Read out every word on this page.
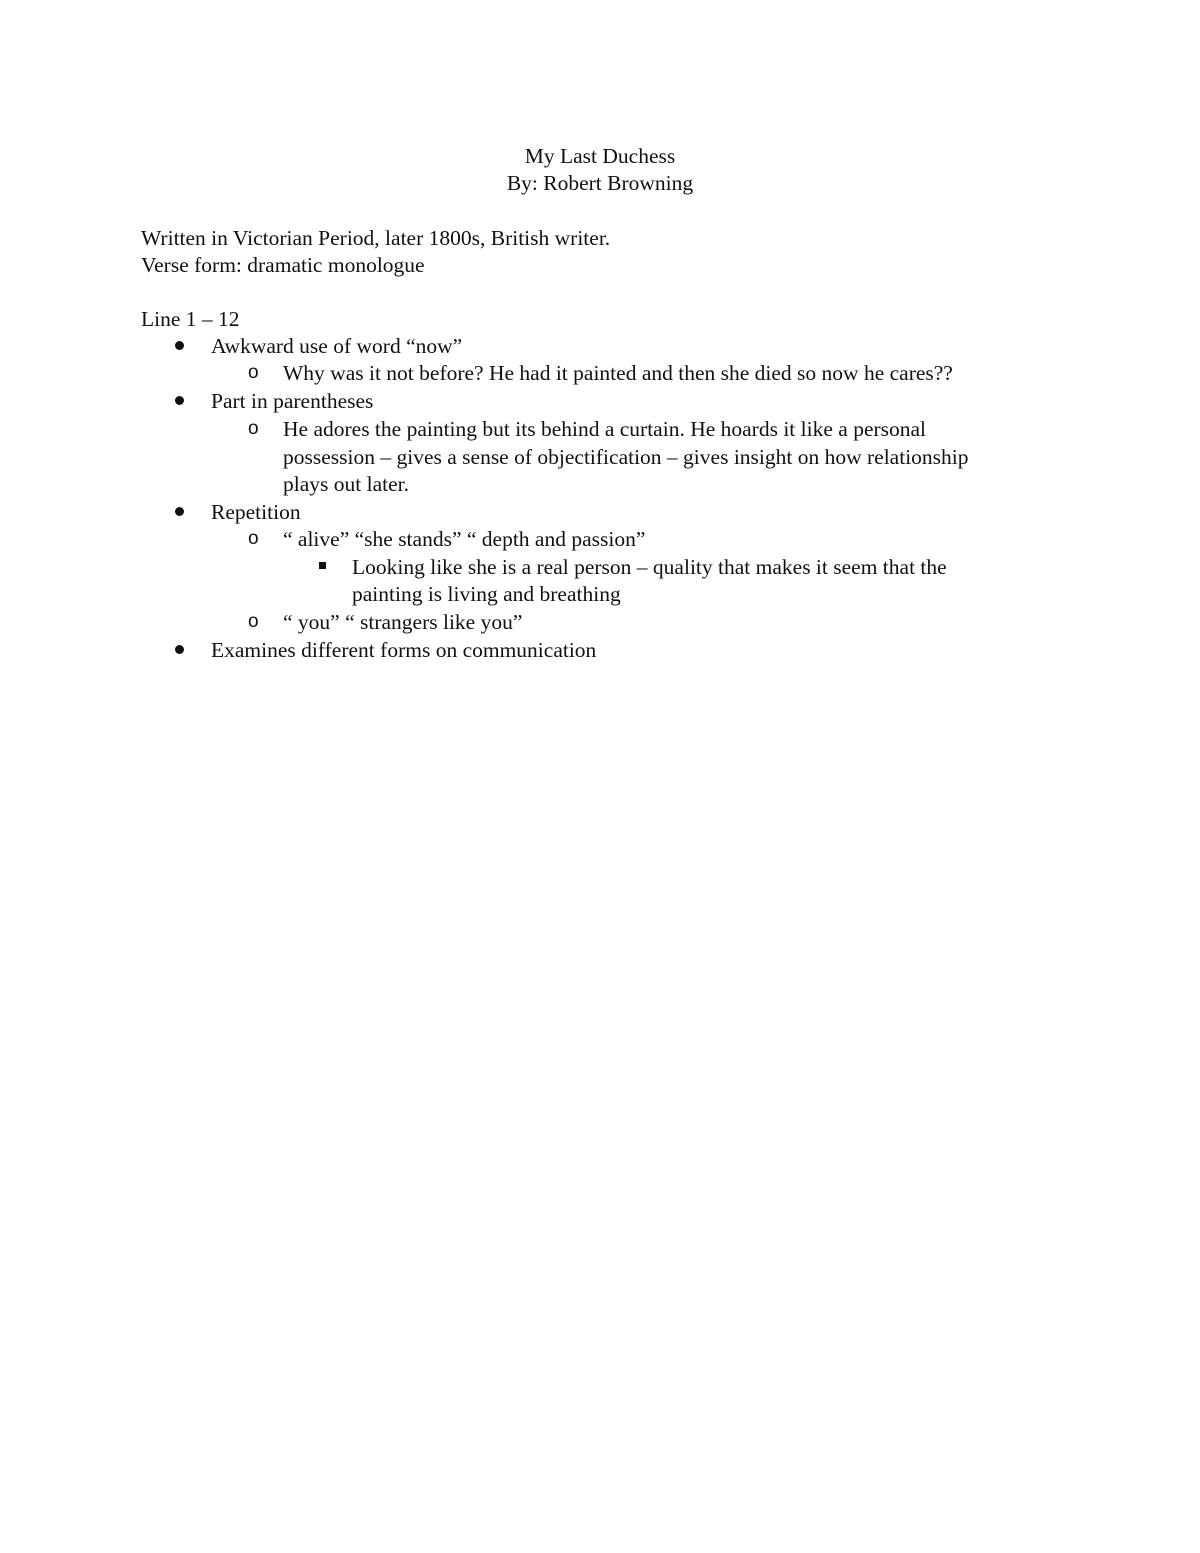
My Last Duchess
By: Robert Browning
Written in Victorian Period, later 1800s, British writer.
Verse form: dramatic monologue
Line 1 – 12
Awkward use of word “now”
o Why was it not before? He had it painted and then she died so now he cares??
Part in parentheses
o He adores the painting but its behind a curtain. He hoards it like a personal
possession – gives a sense of objectification – gives insight on how relationship
plays out later.
Repetition
o “ alive” “she stands” “ depth and passion”
Looking like she is a real person – quality that makes it seem that the
painting is living and breathing
o “ you” “ strangers like you”
Examines different forms on communication
